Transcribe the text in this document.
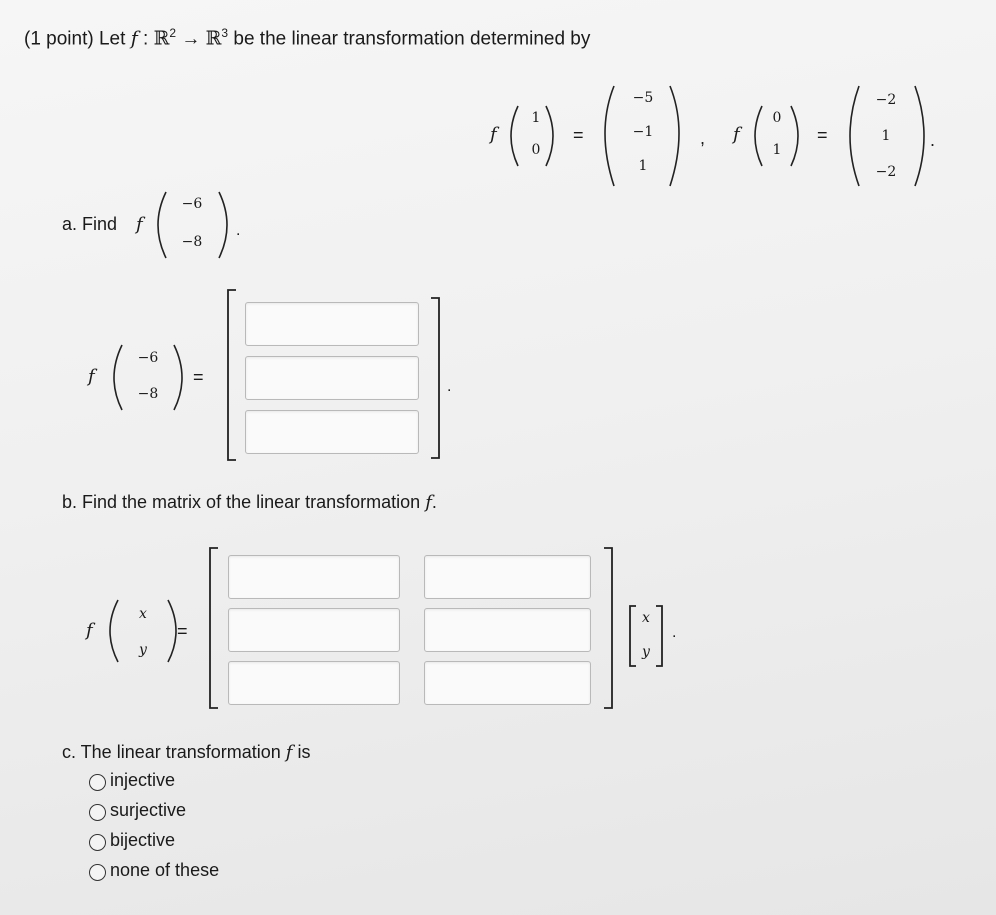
(1 point) Let f : ℝ$^2$ → ℝ$^3$ be the linear transformation determined by
f
1
0
=
−5
−1
1
, f
0
1
=
−2
1
−2
.
a. Find f
−6
−8
.
f
−6
−8
=	.
b. Find the matrix of the linear transformation f.
f
x
y
=
x
y
.
c. The linear transformation f is
injective
surjective
bijective
none of these
